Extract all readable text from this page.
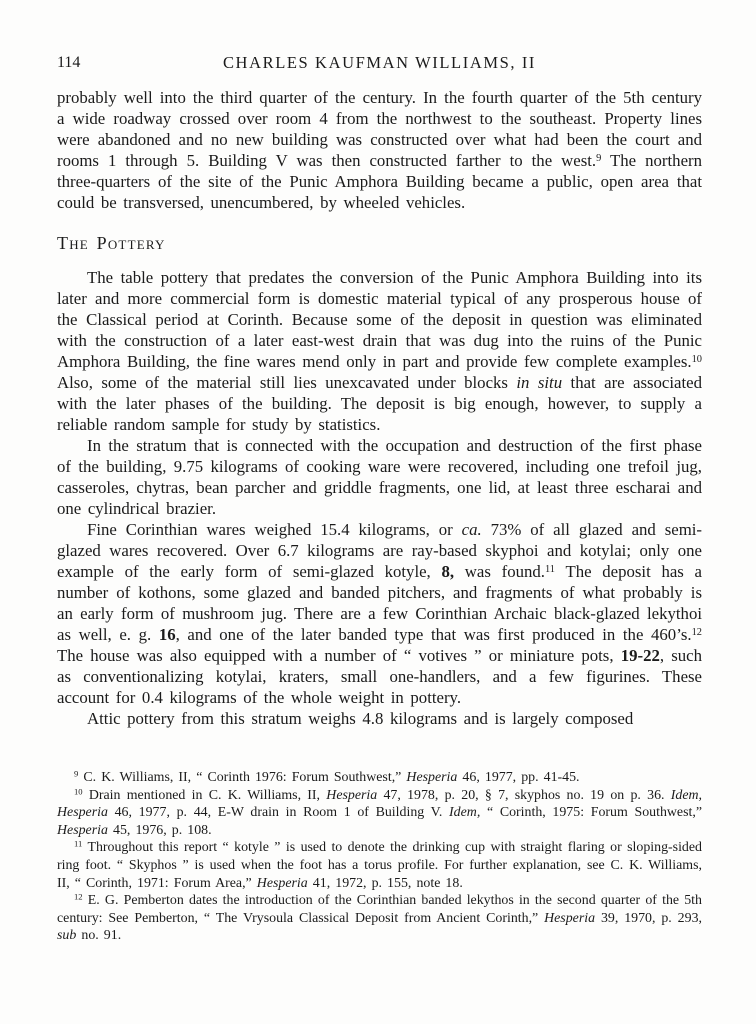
114	CHARLES KAUFMAN WILLIAMS, II

probably well into the third quarter of the century. In the fourth quarter of the 5th century a wide roadway crossed over room 4 from the northwest to the southeast. Property lines were abandoned and no new building was constructed over what had been the court and rooms 1 through 5. Building V was then constructed farther to the west.$^9$ The northern three-quarters of the site of the Punic Amphora Building became a public, open area that could be transversed, unencumbered, by wheeled vehicles.

The Pottery

The table pottery that predates the conversion of the Punic Amphora Building into its later and more commercial form is domestic material typical of any prosperous house of the Classical period at Corinth. Because some of the deposit in question was eliminated with the construction of a later east-west drain that was dug into the ruins of the Punic Amphora Building, the fine wares mend only in part and provide few complete examples.$^{10}$ Also, some of the material still lies unexcavated under blocks in situ that are associated with the later phases of the building. The deposit is big enough, however, to supply a reliable random sample for study by statistics.

In the stratum that is connected with the occupation and destruction of the first phase of the building, 9.75 kilograms of cooking ware were recovered, including one trefoil jug, casseroles, chytras, bean parcher and griddle fragments, one lid, at least three escharai and one cylindrical brazier.

Fine Corinthian wares weighed 15.4 kilograms, or ca. 73% of all glazed and semi-glazed wares recovered. Over 6.7 kilograms are ray-based skyphoi and kotylai; only one example of the early form of semi-glazed kotyle, 8, was found.$^{11}$ The deposit has a number of kothons, some glazed and banded pitchers, and fragments of what probably is an early form of mushroom jug. There are a few Corinthian Archaic black-glazed lekythoi as well, e. g. 16, and one of the later banded type that was first produced in the 460’s.$^{12}$ The house was also equipped with a number of “ votives ” or miniature pots, 19-22, such as conventionalizing kotylai, kraters, small one-handlers, and a few figurines. These account for 0.4 kilograms of the whole weight in pottery.

Attic pottery from this stratum weighs 4.8 kilograms and is largely composed

$^9$ C. K. Williams, II, “ Corinth 1976: Forum Southwest,” Hesperia 46, 1977, pp. 41-45.

$^{10}$ Drain mentioned in C. K. Williams, II, Hesperia 47, 1978, p. 20, § 7, skyphos no. 19 on p. 36. Idem, Hesperia 46, 1977, p. 44, E-W drain in Room 1 of Building V. Idem, “ Corinth, 1975: Forum Southwest,” Hesperia 45, 1976, p. 108.

$^{11}$ Throughout this report “ kotyle ” is used to denote the drinking cup with straight flaring or sloping-sided ring foot. “ Skyphos ” is used when the foot has a torus profile. For further explanation, see C. K. Williams, II, “ Corinth, 1971: Forum Area,” Hesperia 41, 1972, p. 155, note 18.

$^{12}$ E. G. Pemberton dates the introduction of the Corinthian banded lekythos in the second quarter of the 5th century: See Pemberton, “ The Vrysoula Classical Deposit from Ancient Corinth,” Hesperia 39, 1970, p. 293, sub no. 91.
